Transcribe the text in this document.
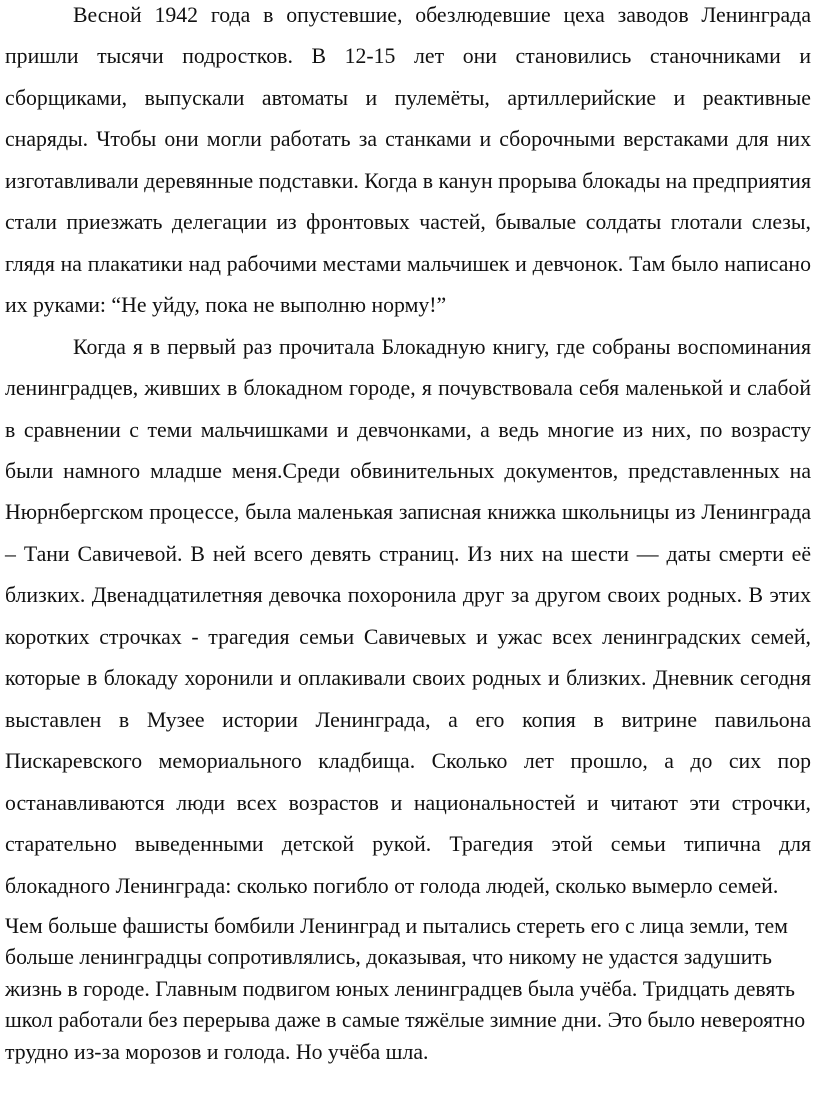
Весной 1942 года в опустевшие, обезлюдевшие цеха заводов Ленинграда пришли тысячи подростков. В 12-15 лет они становились станочниками и сборщиками, выпускали автоматы и пулемёты, артиллерийские и реактивные снаряды. Чтобы они могли работать за станками и сборочными верстаками для них изготавливали деревянные подставки. Когда в канун прорыва блокады на предприятия стали приезжать делегации из фронтовых частей, бывалые солдаты глотали слезы, глядя на плакатики над рабочими местами мальчишек и девчонок. Там было написано их руками: “Не уйду, пока не выполню норму!”

Когда я в первый раз прочитала Блокадную книгу, где собраны воспоминания ленинградцев, живших в блокадном городе, я почувствовала себя маленькой и слабой в сравнении с теми мальчишками и девчонками, а ведь многие из них, по возрасту были намного младше меня.Среди обвинительных документов, представленных на Нюрнбергском процессе, была маленькая записная книжка школьницы из Ленинграда – Тани Савичевой. В ней всего девять страниц. Из них на шести — даты смерти её близких. Двенадцатилетняя девочка похоронила друг за другом своих родных. В этих коротких строчках - трагедия семьи Савичевых и ужас всех ленинградских семей, которые в блокаду хоронили и оплакивали своих родных и близких. Дневник сегодня выставлен в Музее истории Ленинграда, а его копия в витрине павильона Пискаревского мемориального кладбища. Сколько лет прошло, а до сих пор останавливаются люди всех возрастов и национальностей и читают эти строчки, старательно выведенными детской рукой. Трагедия этой семьи типична для блокадного Ленинграда: сколько погибло от голода людей, сколько вымерло семей.

Чем больше фашисты бомбили Ленинград и пытались стереть его с лица земли, тем больше ленинградцы сопротивлялись, доказывая, что никому не удастся задушить жизнь в городе. Главным подвигом юных ленинградцев была учёба. Тридцать девять школ работали без перерыва даже в самые тяжёлые зимние дни. Это было невероятно трудно из-за морозов и голода. Но учёба шла.
